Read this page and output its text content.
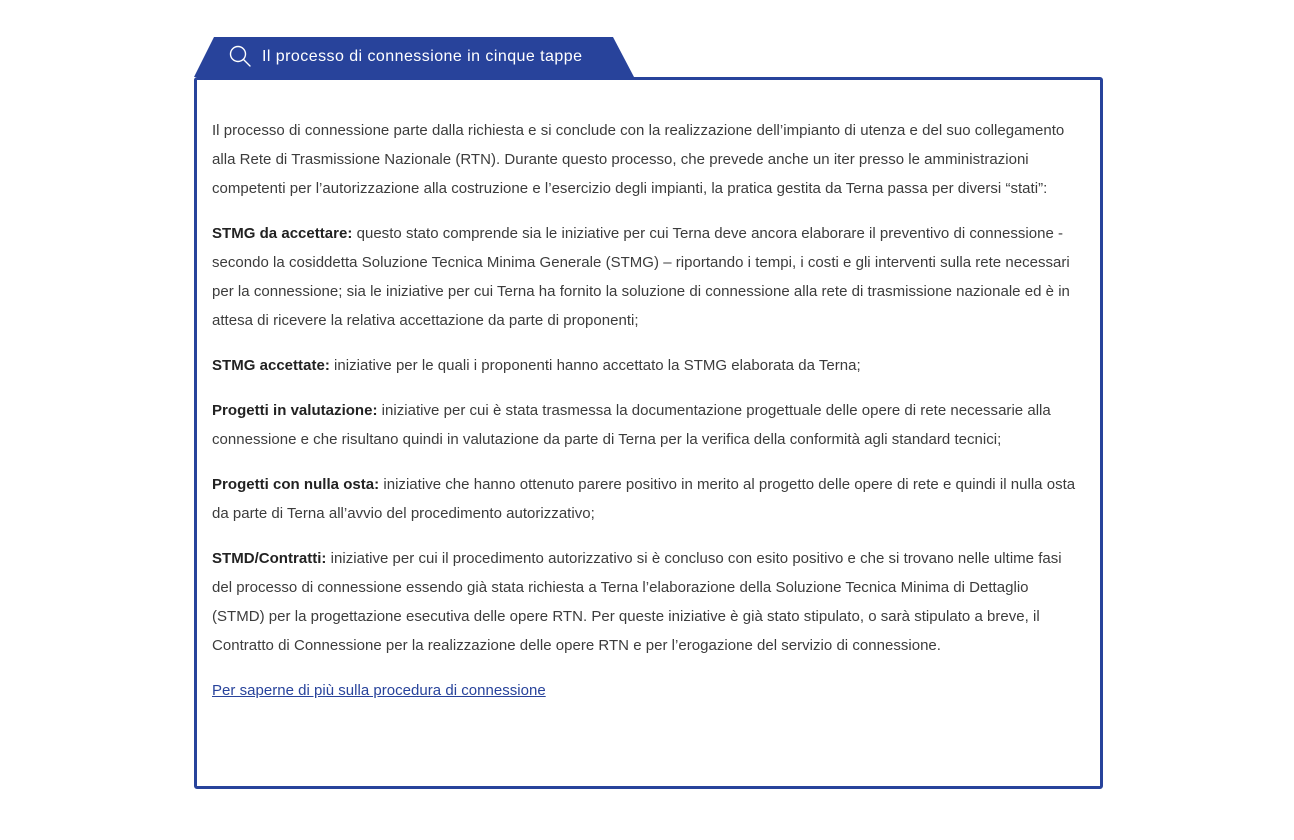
Il processo di connessione in cinque tappe

Il processo di connessione parte dalla richiesta e si conclude con la realizzazione dell’impianto di utenza e del suo collegamento alla Rete di Trasmissione Nazionale (RTN). Durante questo processo, che prevede anche un iter presso le amministrazioni competenti per l’autorizzazione alla costruzione e l’esercizio degli impianti, la pratica gestita da Terna passa per diversi “stati”:

STMG da accettare: questo stato comprende sia le iniziative per cui Terna deve ancora elaborare il preventivo di connessione - secondo la cosiddetta Soluzione Tecnica Minima Generale (STMG) – riportando i tempi, i costi e gli interventi sulla rete necessari per la connessione; sia le iniziative per cui Terna ha fornito la soluzione di connessione alla rete di trasmissione nazionale ed è in attesa di ricevere la relativa accettazione da parte di proponenti;

STMG accettate: iniziative per le quali i proponenti hanno accettato la STMG elaborata da Terna;

Progetti in valutazione: iniziative per cui è stata trasmessa la documentazione progettuale delle opere di rete necessarie alla connessione e che risultano quindi in valutazione da parte di Terna per la verifica della conformità agli standard tecnici;

Progetti con nulla osta: iniziative che hanno ottenuto parere positivo in merito al progetto delle opere di rete e quindi il nulla osta da parte di Terna all’avvio del procedimento autorizzativo;

STMD/Contratti: iniziative per cui il procedimento autorizzativo si è concluso con esito positivo e che si trovano nelle ultime fasi del processo di connessione essendo già stata richiesta a Terna l’elaborazione della Soluzione Tecnica Minima di Dettaglio (STMD) per la progettazione esecutiva delle opere RTN. Per queste iniziative è già stato stipulato, o sarà stipulato a breve, il Contratto di Connessione per la realizzazione delle opere RTN e per l’erogazione del servizio di connessione.

Per saperne di più sulla procedura di connessione
